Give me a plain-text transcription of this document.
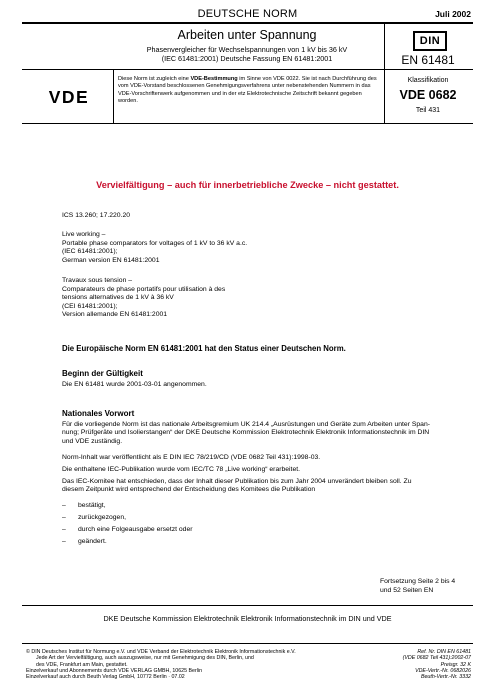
DEUTSCHE NORM	Juli 2002
Arbeiten unter Spannung
Phasenvergleicher für Wechselspannungen von 1 kV bis 36 kV
(IEC 61481:2001) Deutsche Fassung EN 61481:2001
DIN
EN 61481
VDE
Diese Norm ist zugleich eine VDE-Bestimmung im Sinne von VDE 0022. Sie ist nach Durchführung des vom VDE-Vorstand beschlossenen Genehmigungsverfahrens unter nebenstehenden Nummern in das VDE-Vorschriftenwerk aufgenommen und in der etz Elektrotechnische Zeitschrift bekannt gegeben worden.
Klassifikation
VDE 0682
Teil 431
Vervielfältigung – auch für innerbetriebliche Zwecke – nicht gestattet.
ICS 13.260; 17.220.20
Live working –
Portable phase comparators for voltages of 1 kV to 36 kV a.c.
(IEC 61481:2001);
German version EN 61481:2001
Travaux sous tension –
Comparateurs de phase portatifs pour utilisation à des
tensions alternatives de 1 kV à 36 kV
(CEI 61481:2001);
Version allemande EN 61481:2001
Die Europäische Norm EN 61481:2001 hat den Status einer Deutschen Norm.
Beginn der Gültigkeit
Die EN 61481 wurde 2001-03-01 angenommen.
Nationales Vorwort
Für die vorliegende Norm ist das nationale Arbeitsgremium UK 214.4 „Ausrüstungen und Geräte zum Arbeiten unter Span-
nung; Prüfgeräte und Isolierstangen“ der DKE Deutsche Kommission Elektrotechnik Elektronik Informationstechnik im DIN
und VDE zuständig.
Norm-Inhalt war veröffentlicht als E DIN IEC 78/219/CD (VDE 0682 Teil 431):1998-03.
Die enthaltene IEC-Publikation wurde vom IEC/TC 78 „Live working“ erarbeitet.
Das IEC-Komitee hat entschieden, dass der Inhalt dieser Publikation bis zum Jahr 2004 unverändert bleiben soll. Zu
diesem Zeitpunkt wird entsprechend der Entscheidung des Komitees die Publikation
– bestätigt,
– zurückgezogen,
– durch eine Folgeausgabe ersetzt oder
– geändert.
Fortsetzung Seite 2 bis 4
und 52 Seiten EN
DKE Deutsche Kommission Elektrotechnik Elektronik Informationstechnik im DIN und VDE
© DIN Deutsches Institut für Normung e.V. und VDE Verband der Elektrotechnik Elektronik Informationstechnik e.V.
Jede Art der Vervielfältigung, auch auszugsweise, nur mit Genehmigung des DIN, Berlin, und
des VDE, Frankfurt am Main, gestattet.
Einzelverkauf und Abonnements durch VDE VERLAG GMBH, 10625 Berlin
Einzelverkauf auch durch Beuth Verlag GmbH, 10772 Berlin · 07.02
Ref. Nr. DIN EN 61481
(VDE 0682 Teil 431):2002-07
Preisgr. 32 K
VDE-Vertr.-Nr. 0682026
Beuth-Vertr.-Nr. 3332
